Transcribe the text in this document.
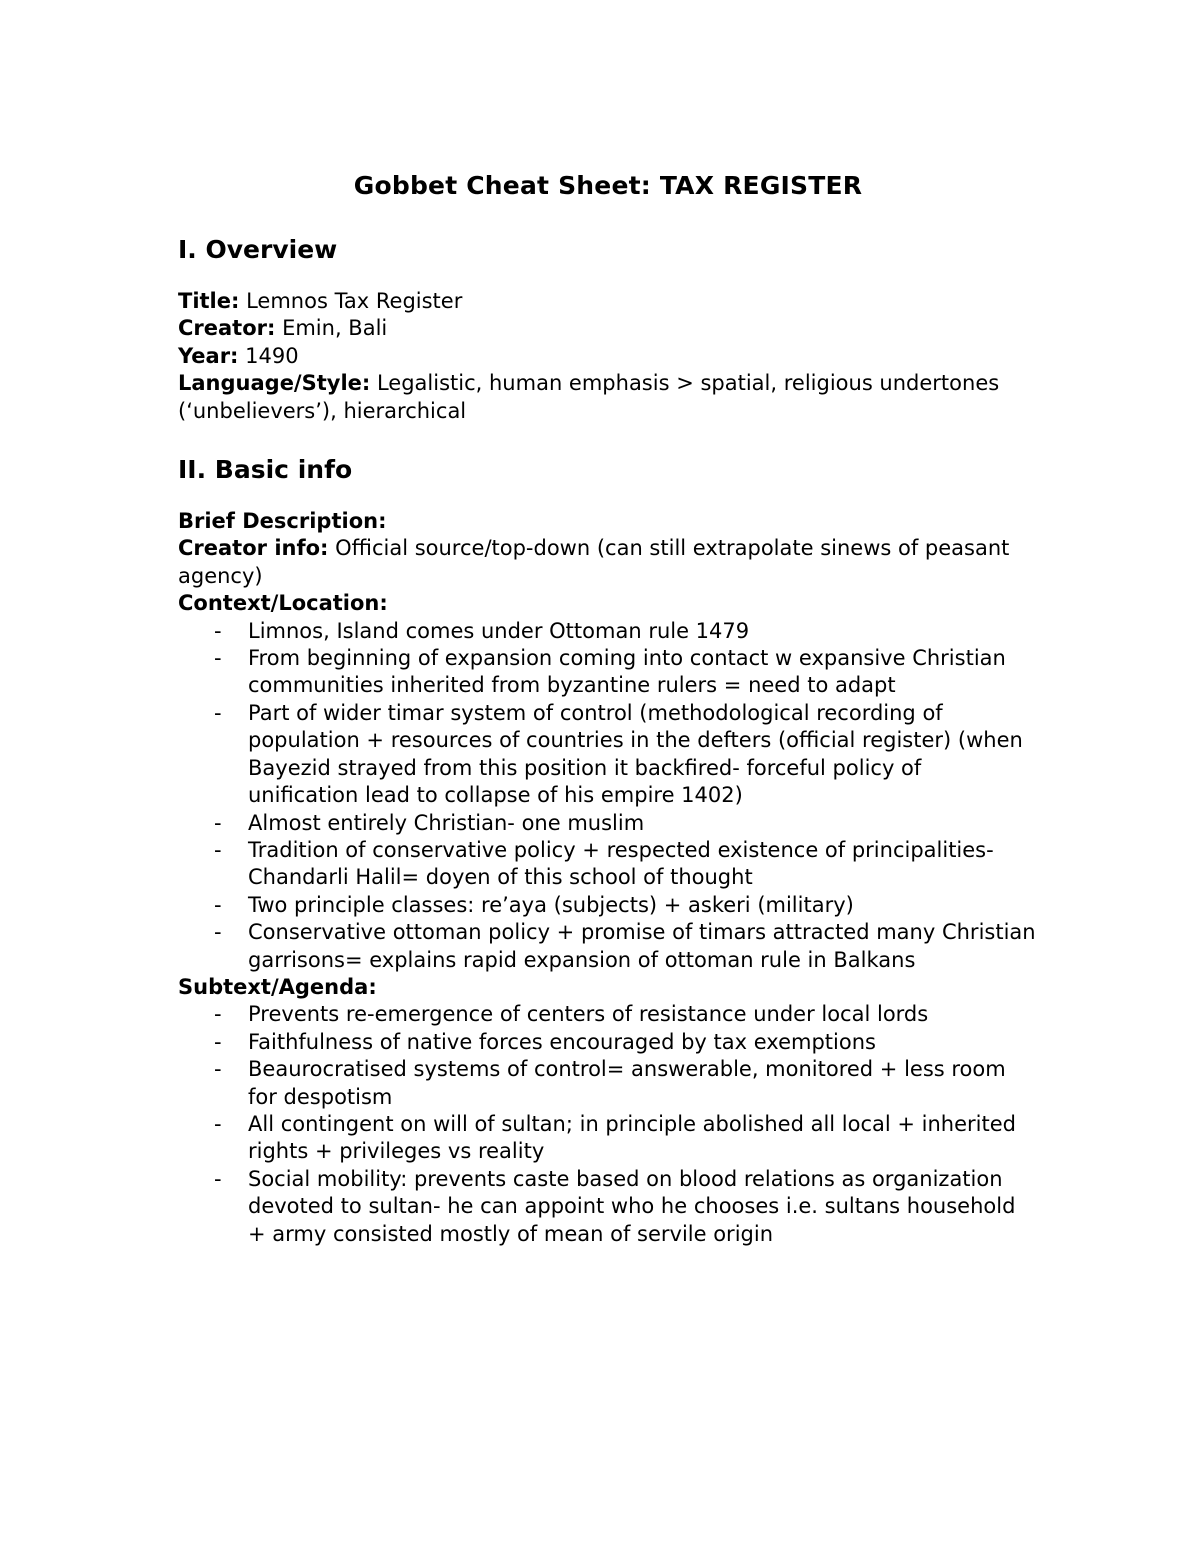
Gobbet Cheat Sheet: TAX REGISTER
I. Overview

Title: Lemnos Tax Register

Creator: Emin, Bali

Year: 1490

Language/Style: Legalistic, human emphasis > spatial, religious undertones (‘unbelievers’), hierarchical

II. Basic info

Brief Description:

Creator info: Official source/top-down (can still extrapolate sinews of peasant agency)

Context/Location:

- Limnos, Island comes under Ottoman rule 1479
- From beginning of expansion coming into contact w expansive Christian communities inherited from byzantine rulers = need to adapt
- Part of wider timar system of control (methodological recording of population + resources of countries in the defters (official register) (when Bayezid strayed from this position it backfired- forceful policy of unification lead to collapse of his empire 1402)
- Almost entirely Christian- one muslim
- Tradition of conservative policy + respected existence of principalities- Chandarli Halil= doyen of this school of thought
- Two principle classes: re’aya (subjects) + askeri (military)
- Conservative ottoman policy + promise of timars attracted many Christian garrisons= explains rapid expansion of ottoman rule in Balkans

Subtext/Agenda:

- Prevents re-emergence of centers of resistance under local lords
- Faithfulness of native forces encouraged by tax exemptions
- Beaurocratised systems of control= answerable, monitored + less room for despotism
- All contingent on will of sultan; in principle abolished all local + inherited rights + privileges vs reality
- Social mobility: prevents caste based on blood relations as organization devoted to sultan- he can appoint who he chooses i.e. sultans household + army consisted mostly of mean of servile origin
